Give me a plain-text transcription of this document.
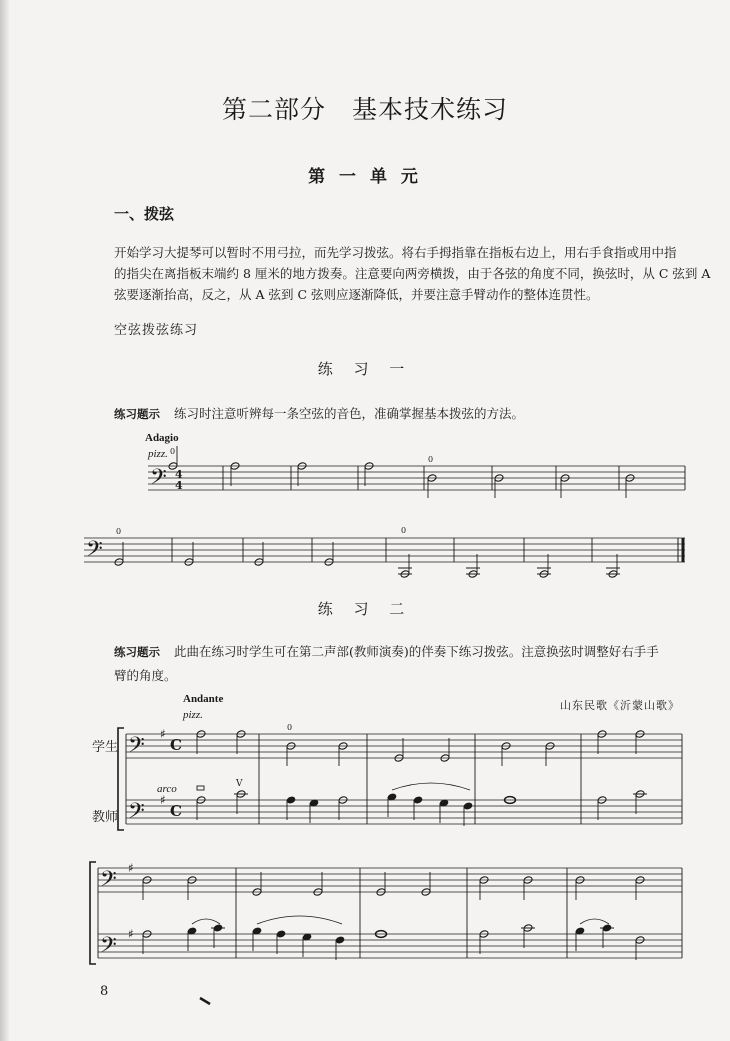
第二部分　基本技术练习
第 一 单 元
一、拨弦
开始学习大提琴可以暂时不用弓拉，而先学习拨弦。将右手拇指靠在指板右边上，用右手食指或用中指
的指尖在离指板末端约 8 厘米的地方拨奏。注意要向两旁横拨，由于各弦的角度不同，换弦时，从 C 弦到 A
弦要逐渐抬高，反之，从 A 弦到 C 弦则应逐渐降低，并要注意手臂动作的整体连贯性。
空弦拨弦练习
练 习 一
练习题示 练习时注意听辨每一条空弦的音色，准确掌握基本拨弦的方法。
Adagio
pizz.
练 习 二
练习题示 此曲在练习时学生可在第二声部(教师演奏)的伴奏下练习拨弦。注意换弦时调整好右手手
臂的角度。
Andante
pizz.
山东民歌《沂蒙山歌》
学生
教师
arco
8
𝄢 4
4
0
0
𝄢
0	0
𝄢
𝄢
♯
♯
C
C
0
V
𝄢
𝄢
♯
♯
